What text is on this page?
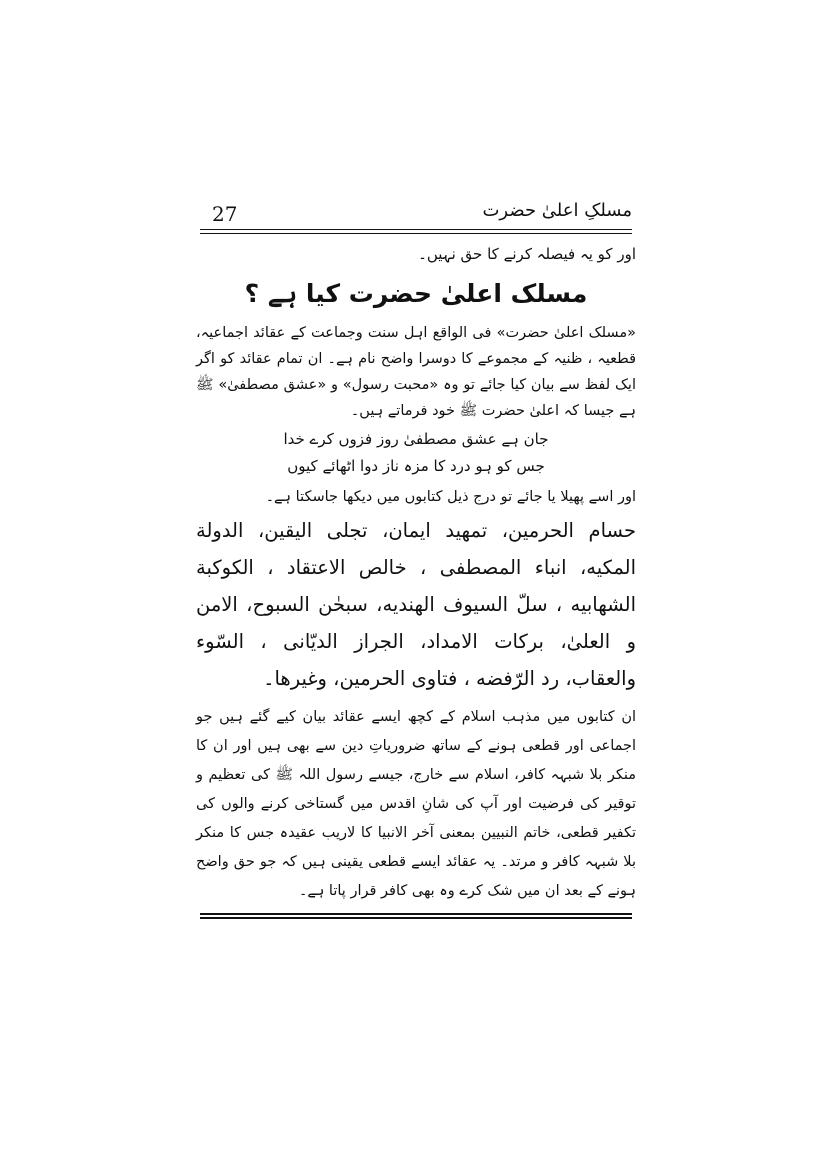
27	مسلکِ اعلیٰ حضرت

اور کو یہ فیصلہ کرنے کا حق نہیں۔

مسلک اعلیٰ حضرت کیا ہے ؟

«مسلک اعلیٰ حضرت» فی الواقع اہل سنت وجماعت کے عقائد اجماعیہ، قطعیہ ، ظنیہ کے مجموعے کا دوسرا واضح نام ہے۔ ان تمام عقائد کو اگر ایک لفظ سے بیان کیا جائے تو وہ «محبت رسول» و «عشق مصطفیٰ» ﷺ ہے جیسا کہ اعلیٰ حضرت ﷺ خود فرماتے ہیں۔

جان ہے عشق مصطفیٰ روز فزوں کرے خدا

جس کو ہو درد کا مزہ ناز دوا اٹھائے کیوں

اور اسے پھیلا یا جائے تو درج ذیل کتابوں میں دیکھا جاسکتا ہے۔

حسام الحرمين، تمهيد ايمان، تجلى اليقين، الدولة المكيه، انباء المصطفى ، خالص الاعتقاد ، الكوكبة الشهابيه ، سلّ السيوف الهنديه، سبحٰن السبوح، الامن و العلىٰ، بركات الامداد، الجراز الديّانى ، السّوء والعقاب، رد الرّفضه ، فتاوى الحرمين، وغيرها۔

ان کتابوں میں مذہب اسلام کے کچھ ایسے عقائد بیان کیے گئے ہیں جو اجماعی اور قطعی ہونے کے ساتھ ضروریاتِ دین سے بھی ہیں اور ان کا منکر بلا شبہہ کافر، اسلام سے خارج، جیسے رسول اللہ ﷺ کی تعظیم و توقیر کی فرضیت اور آپ کی شانِ اقدس میں گستاخی کرنے والوں کی تکفیر قطعی، خاتم النبیین بمعنی آخر الانبیا کا لاریب عقیدہ جس کا منکر بلا شبہہ کافر و مرتد۔ یہ عقائد ایسے قطعی یقینی ہیں کہ جو حق واضح ہونے کے بعد ان میں شک کرے وہ بھی کافر قرار پاتا ہے۔
